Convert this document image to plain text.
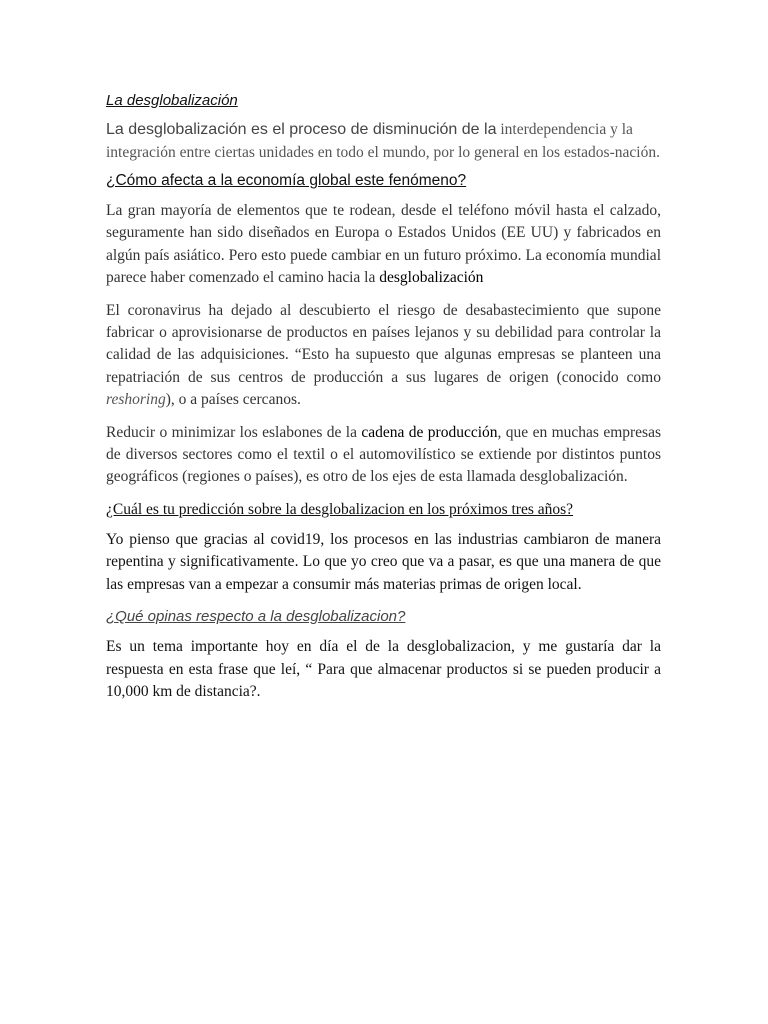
La desglobalización
La desglobalización es el proceso de disminución de la interdependencia y la integración entre ciertas unidades en todo el mundo, por lo general en los estados-nación.
¿Cómo afecta a la economía global este fenómeno?
La gran mayoría de elementos que te rodean, desde el teléfono móvil hasta el calzado, seguramente han sido diseñados en Europa o Estados Unidos (EE UU) y fabricados en algún país asiático. Pero esto puede cambiar en un futuro próximo. La economía mundial parece haber comenzado el camino hacia la desglobalización
El coronavirus ha dejado al descubierto el riesgo de desabastecimiento que supone fabricar o aprovisionarse de productos en países lejanos y su debilidad para controlar la calidad de las adquisiciones. “Esto ha supuesto que algunas empresas se planteen una repatriación de sus centros de producción a sus lugares de origen (conocido como reshoring), o a países cercanos.
Reducir o minimizar los eslabones de la cadena de producción, que en muchas empresas de diversos sectores como el textil o el automovilístico se extiende por distintos puntos geográficos (regiones o países), es otro de los ejes de esta llamada desglobalización.
¿Cuál es tu predicción sobre la desglobalizacion en los próximos tres años?
Yo pienso que gracias al covid19, los procesos en las industrias cambiaron de manera repentina y significativamente. Lo que yo creo que va a pasar, es que una manera de que las empresas van a empezar a consumir más materias primas de origen local.
¿Qué opinas respecto a la desglobalizacion?
Es un tema importante hoy en día el de la desglobalizacion, y me gustaría dar la respuesta en esta frase que leí, “ Para que almacenar productos si se pueden producir a 10,000 km de distancia?.
